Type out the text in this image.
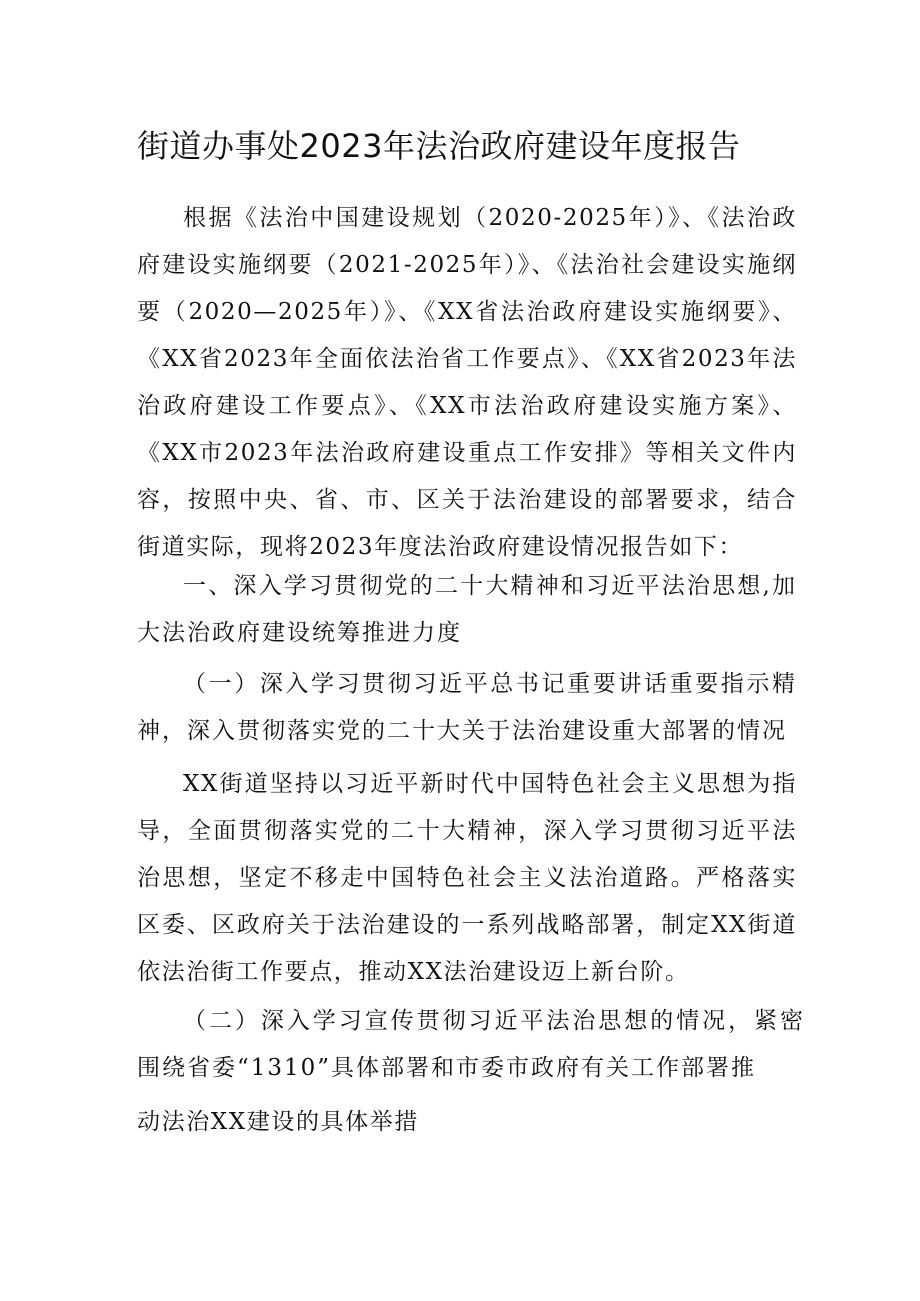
街道办事处2023年法治政府建设年度报告
根据《法治中国建设规划（2020-2025年）》、《法治政府建设实施纲要（2021-2025年）》、《法治社会建设实施纲要（2020—2025年）》、《XX省法治政府建设实施纲要》、《XX省2023年全面依法治省工作要点》、《XX省2023年法治政府建设工作要点》、《XX市法治政府建设实施方案》、《XX市2023年法治政府建设重点工作安排》等相关文件内容，按照中央、省、市、区关于法治建设的部署要求，结合街道实际，现将2023年度法治政府建设情况报告如下：
一、深入学习贯彻党的二十大精神和习近平法治思想,加大法治政府建设统筹推进力度
（一）深入学习贯彻习近平总书记重要讲话重要指示精神，深入贯彻落实党的二十大关于法治建设重大部署的情况
XX街道坚持以习近平新时代中国特色社会主义思想为指导，全面贯彻落实党的二十大精神，深入学习贯彻习近平法治思想，坚定不移走中国特色社会主义法治道路。严格落实区委、区政府关于法治建设的一系列战略部署，制定XX街道依法治街工作要点，推动XX法治建设迈上新台阶。
（二）深入学习宣传贯彻习近平法治思想的情况，紧密围绕省委“1310”具体部署和市委市政府有关工作部署推
动法治XX建设的具体举措
